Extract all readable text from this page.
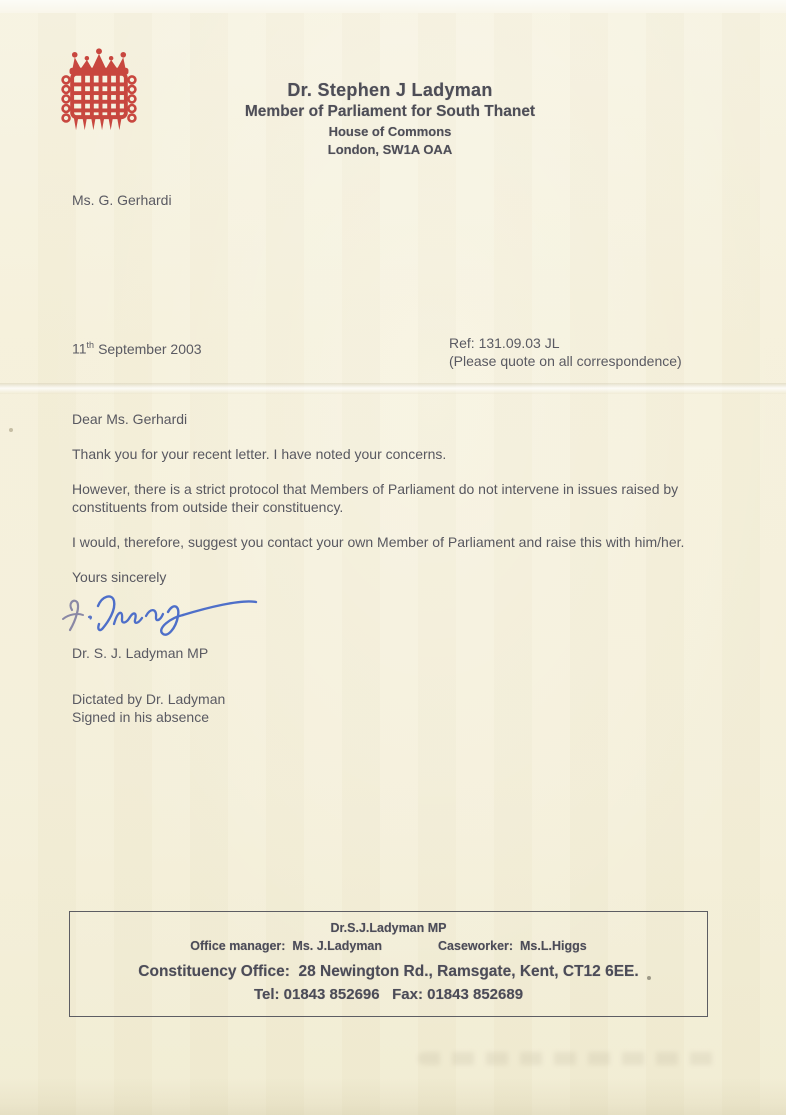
Dr. Stephen J Ladyman
Member of Parliament for South Thanet
House of Commons
London, SW1A OAA
Ms. G. Gerhardi
11th September 2003	Ref: 131.09.03 JL
(Please quote on all correspondence)

Dear Ms. Gerhardi

Thank you for your recent letter. I have noted your concerns.

However, there is a strict protocol that Members of Parliament do not intervene in issues raised by constituents from outside their constituency.

I would, therefore, suggest you contact your own Member of Parliament and raise this with him/her.

Yours sincerely

Dr. S. J. Ladyman MP
Dictated by Dr. Ladyman
Signed in his absence
Dr.S.J.Ladyman MP
Office manager:  Ms. J.Ladyman	Caseworker:  Ms.L.Higgs
Constituency Office:  28 Newington Rd., Ramsgate, Kent, CT12 6EE.
Tel: 01843 852696   Fax: 01843 852689
